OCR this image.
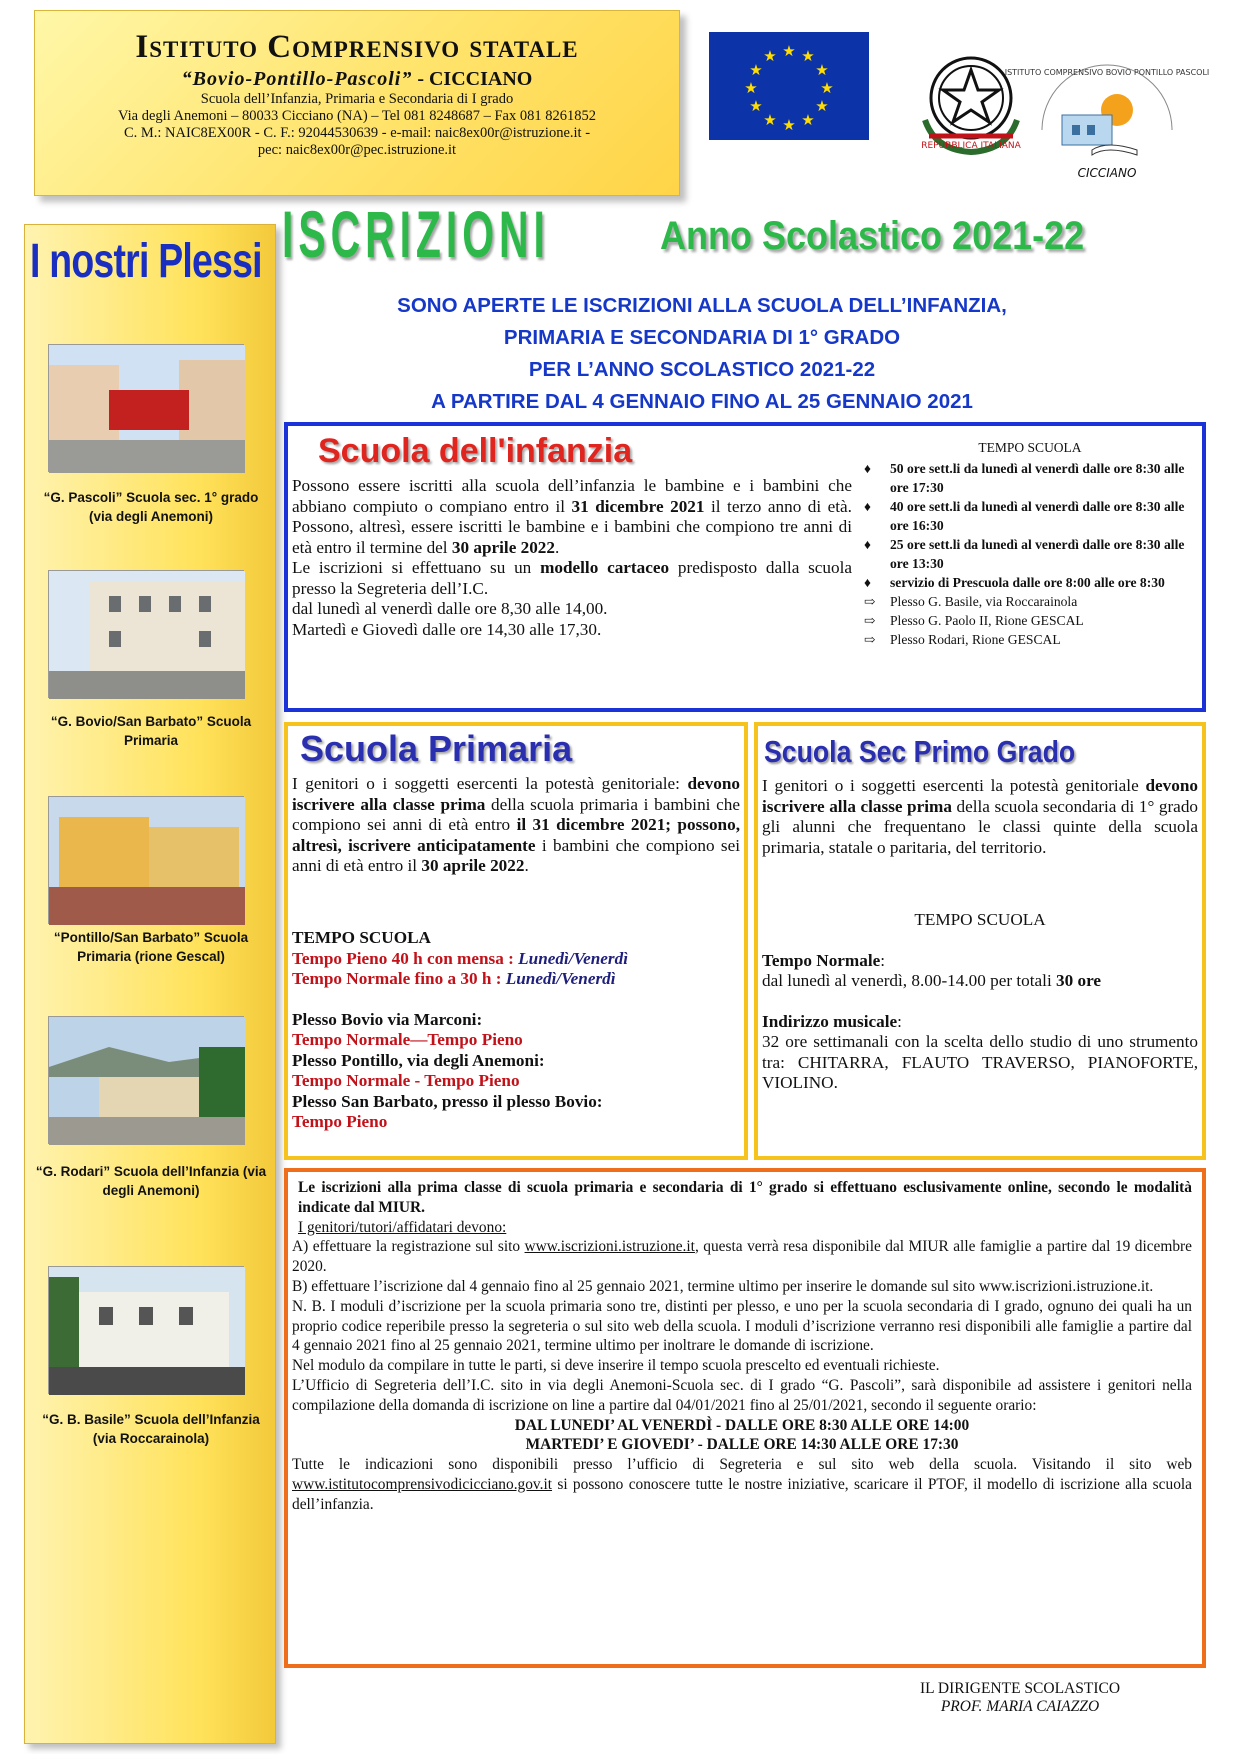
Istituto Comprensivo statale
“Bovio-Pontillo-Pascoli” - CICCIANO
Scuola dell’Infanzia, Primaria e Secondaria di I grado
Via degli Anemoni – 80033 Cicciano (NA) – Tel 081 8248687 – Fax 081 8261852
C. M.: NAIC8EX00R - C. F.: 92044530639 - e-mail: naic8ex00r@istruzione.it -
pec: naic8ex00r@pec.istruzione.it
★ ★
★
★
★
★
★
★
★
★
★
★
REPUBBLICA ITALIANA
ISTITUTO COMPRENSIVO BOVIO PONTILLO PASCOLI
CICCIANO
I nostri Plessi
“G. Pascoli” Scuola sec. 1° grado (via degli Anemoni)
“G. Bovio/San Barbato” Scuola Primaria
“Pontillo/San Barbato” Scuola Primaria (rione Gescal)
“G. Rodari” Scuola dell’Infanzia (via degli Anemoni)
“G. B. Basile” Scuola dell’Infanzia (via Roccarainola)
ISCRIZIONI	Anno Scolastico 2021-22
SONO APERTE LE ISCRIZIONI ALLA SCUOLA DELL’INFANZIA,
PRIMARIA E SECONDARIA DI 1° GRADO
PER L’ANNO SCOLASTICO 2021-22
A PARTIRE DAL 4 GENNAIO FINO AL 25 GENNAIO 2021
Scuola dell'infanzia
Possono essere iscritti alla scuola dell’infanzia le bambine e i bambini che abbiano compiuto o compiano entro il 31 dicembre 2021 il terzo anno di età. Possono, altresì, essere iscritti le bambine e i bambini che compiono tre anni di età entro il termine del 30 aprile 2022.
Le iscrizioni si effettuano su un modello cartaceo predisposto dalla scuola presso la Segreteria dell’I.C.
dal lunedì al venerdì dalle ore 8,30 alle 14,00.
Martedì e Giovedì dalle ore 14,30 alle 17,30.
TEMPO SCUOLA
♦	50 ore sett.li da lunedì al venerdì dalle ore 8:30 alle ore 17:30
♦	40 ore sett.li da lunedì al venerdì dalle ore 8:30 alle ore 16:30
♦	25 ore sett.li da lunedì al venerdì dalle ore 8:30 alle ore 13:30
♦	servizio di Prescuola dalle ore 8:00 alle ore 8:30
⇨	Plesso G. Basile, via Roccarainola
⇨	Plesso G. Paolo II, Rione GESCAL
⇨	Plesso Rodari, Rione GESCAL
Scuola Primaria
I genitori o i soggetti esercenti la potestà genitoriale: devono iscrivere alla classe prima della scuola primaria i bambini che compiono sei anni di età entro il 31 dicembre 2021; possono, altresì, iscrivere anticipatamente i bambini che compiono sei anni di età entro il 30 aprile 2022.
TEMPO SCUOLA
Tempo Pieno 40 h con mensa : Lunedì/Venerdì
Tempo Normale fino a 30 h : Lunedì/Venerdì
Plesso Bovio via Marconi:
Tempo Normale—Tempo Pieno
Plesso Pontillo, via degli Anemoni:
Tempo Normale - Tempo Pieno
Plesso San Barbato, presso il plesso Bovio:
Tempo Pieno
Scuola Sec Primo Grado
I genitori o i soggetti esercenti la potestà genitoriale devono iscrivere alla classe prima della scuola secondaria di 1° grado gli alunni che frequentano le classi quinte della scuola primaria, statale o paritaria, del territorio.
TEMPO SCUOLA
Tempo Normale:
dal lunedì al venerdì, 8.00-14.00 per totali 30 ore
Indirizzo musicale:
32 ore settimanali con la scelta dello studio di uno strumento tra: CHITARRA, FLAUTO TRAVERSO, PIANOFORTE, VIOLINO.
Le iscrizioni alla prima classe di scuola primaria e secondaria di 1° grado si effettuano esclusivamente online, secondo le modalità indicate dal MIUR.
I genitori/tutori/affidatari devono:
A) effettuare la registrazione sul sito www.iscrizioni.istruzione.it, questa verrà resa disponibile dal MIUR alle famiglie a partire dal 19 dicembre 2020.
B) effettuare l’iscrizione dal 4 gennaio fino al 25 gennaio 2021, termine ultimo per inserire le domande sul sito www.iscrizioni.istruzione.it.
N. B. I moduli d’iscrizione per la scuola primaria sono tre, distinti per plesso, e uno per la scuola secondaria di I grado, ognuno dei quali ha un proprio codice reperibile presso la segreteria o sul sito web della scuola. I moduli d’iscrizione verranno resi disponibili alle famiglie a partire dal 4 gennaio 2021 fino al 25 gennaio 2021, termine ultimo per inoltrare le domande di iscrizione.
Nel modulo da compilare in tutte le parti, si deve inserire il tempo scuola prescelto ed eventuali richieste.
L’Ufficio di Segreteria dell’I.C. sito in via degli Anemoni-Scuola sec. di I grado “G. Pascoli”, sarà disponibile ad assistere i genitori nella compilazione della domanda di iscrizione on line a partire dal 04/01/2021 fino al 25/01/2021, secondo il seguente orario:
DAL LUNEDI’ AL VENERDÌ - DALLE ORE 8:30 ALLE ORE 14:00
MARTEDI’ E GIOVEDI’ - DALLE ORE 14:30 ALLE ORE 17:30
Tutte le indicazioni sono disponibili presso l’ufficio di Segreteria e sul sito web della scuola. Visitando il sito web www.istitutocomprensivodicicciano.gov.it si possono conoscere tutte le nostre iniziative, scaricare il PTOF, il modello di iscrizione alla scuola dell’infanzia.
IL DIRIGENTE SCOLASTICO
PROF. MARIA CAIAZZO
